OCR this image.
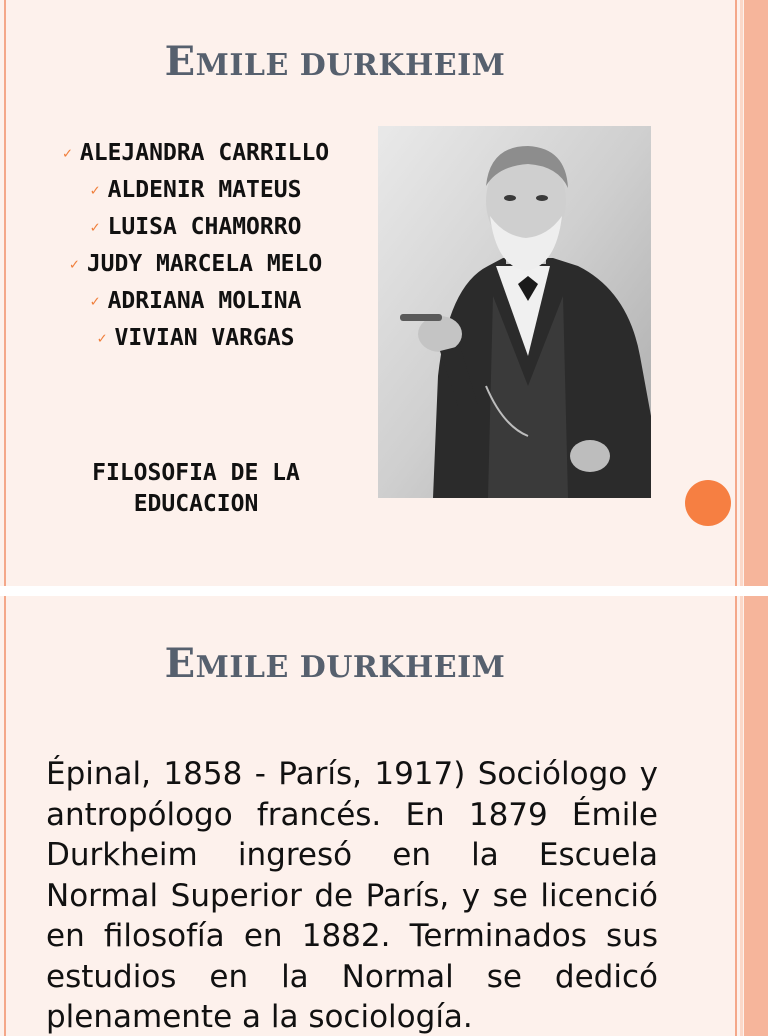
EMILE DURKHEIM
✓ ALEJANDRA CARRILLO
✓ ALDENIR MATEUS
✓ LUISA CHAMORRO
✓ JUDY MARCELA MELO
✓ ADRIANA MOLINA
✓ VIVIAN VARGAS
FILOSOFIA DE LA EDUCACION
EMILE DURKHEIM

Épinal, 1858 - París, 1917) Sociólogo y antropólogo francés. En 1879 Émile Durkheim ingresó en la Escuela Normal Superior de París, y se licenció en filosofía en 1882. Terminados sus estudios en la Normal se dedicó plenamente a la sociología.
